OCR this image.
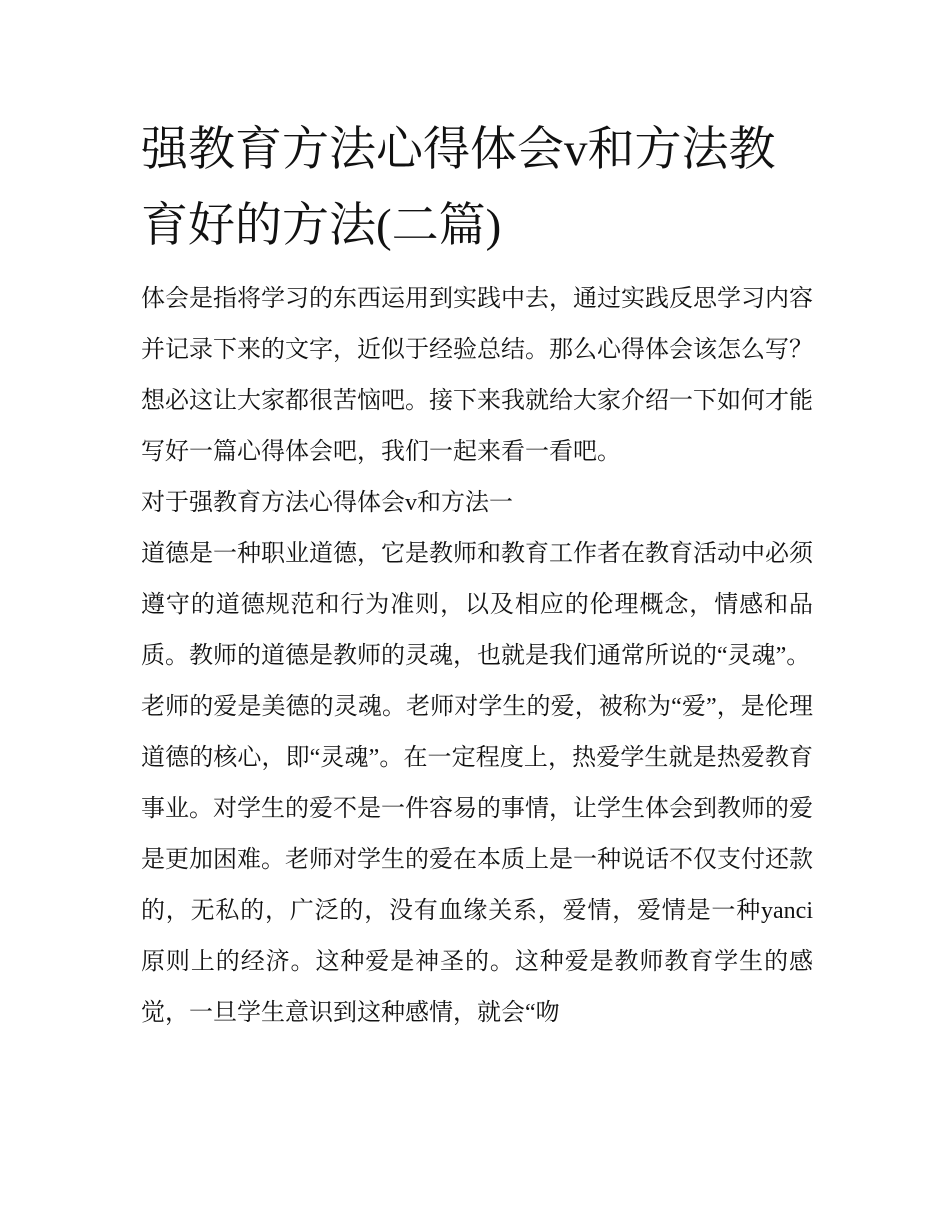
强教育方法心得体会v和方法教育好的方法(二篇)

体会是指将学习的东西运用到实践中去，通过实践反思学习内容并记录下来的文字，近似于经验总结。那么心得体会该怎么写？想必这让大家都很苦恼吧。接下来我就给大家介绍一下如何才能写好一篇心得体会吧，我们一起来看一看吧。

对于强教育方法心得体会v和方法一

道德是一种职业道德，它是教师和教育工作者在教育活动中必须遵守的道德规范和行为准则，以及相应的伦理概念，情感和品质。教师的道德是教师的灵魂，也就是我们通常所说的“灵魂”。

老师的爱是美德的灵魂。老师对学生的爱，被称为“爱”，是伦理道德的核心，即“灵魂”。在一定程度上，热爱学生就是热爱教育事业。对学生的爱不是一件容易的事情，让学生体会到教师的爱是更加困难。老师对学生的爱在本质上是一种说话不仅支付还款的，无私的，广泛的，没有血缘关系，爱情，爱情是一种yanci原则上的经济。这种爱是神圣的。这种爱是教师教育学生的感觉，一旦学生意识到这种感情，就会“吻
